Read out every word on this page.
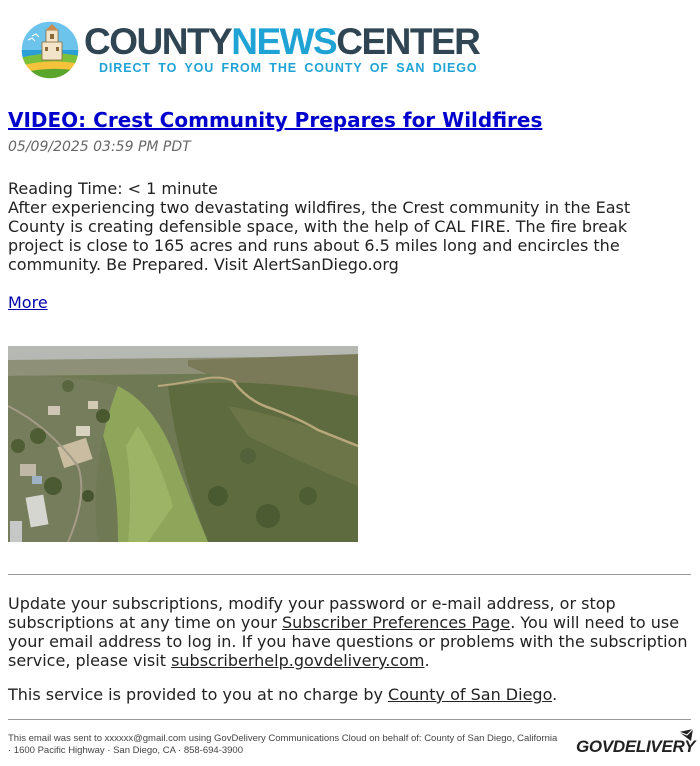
COUNTYNEWSCENTER
DIRECT TO YOU FROM THE COUNTY OF SAN DIEGO
VIDEO: Crest Community Prepares for Wildfires
05/09/2025 03:59 PM PDT
Reading Time: < 1 minute
After experiencing two devastating wildfires, the Crest community in the East County is creating defensible space, with the help of CAL FIRE. The fire break project is close to 165 acres and runs about 6.5 miles long and encircles the community. Be Prepared. Visit AlertSanDiego.org
More
Update your subscriptions, modify your password or e-mail address, or stop subscriptions at any time on your Subscriber Preferences Page. You will need to use your email address to log in. If you have questions or problems with the subscription service, please visit subscriberhelp.govdelivery.com.
This service is provided to you at no charge by County of San Diego.
This email was sent to xxxxxx@gmail.com using GovDelivery Communications Cloud on behalf of: County of San Diego, California · 1600 Pacific Highway · San Diego, CA · 858-694-3900	GOVDELIVERY
